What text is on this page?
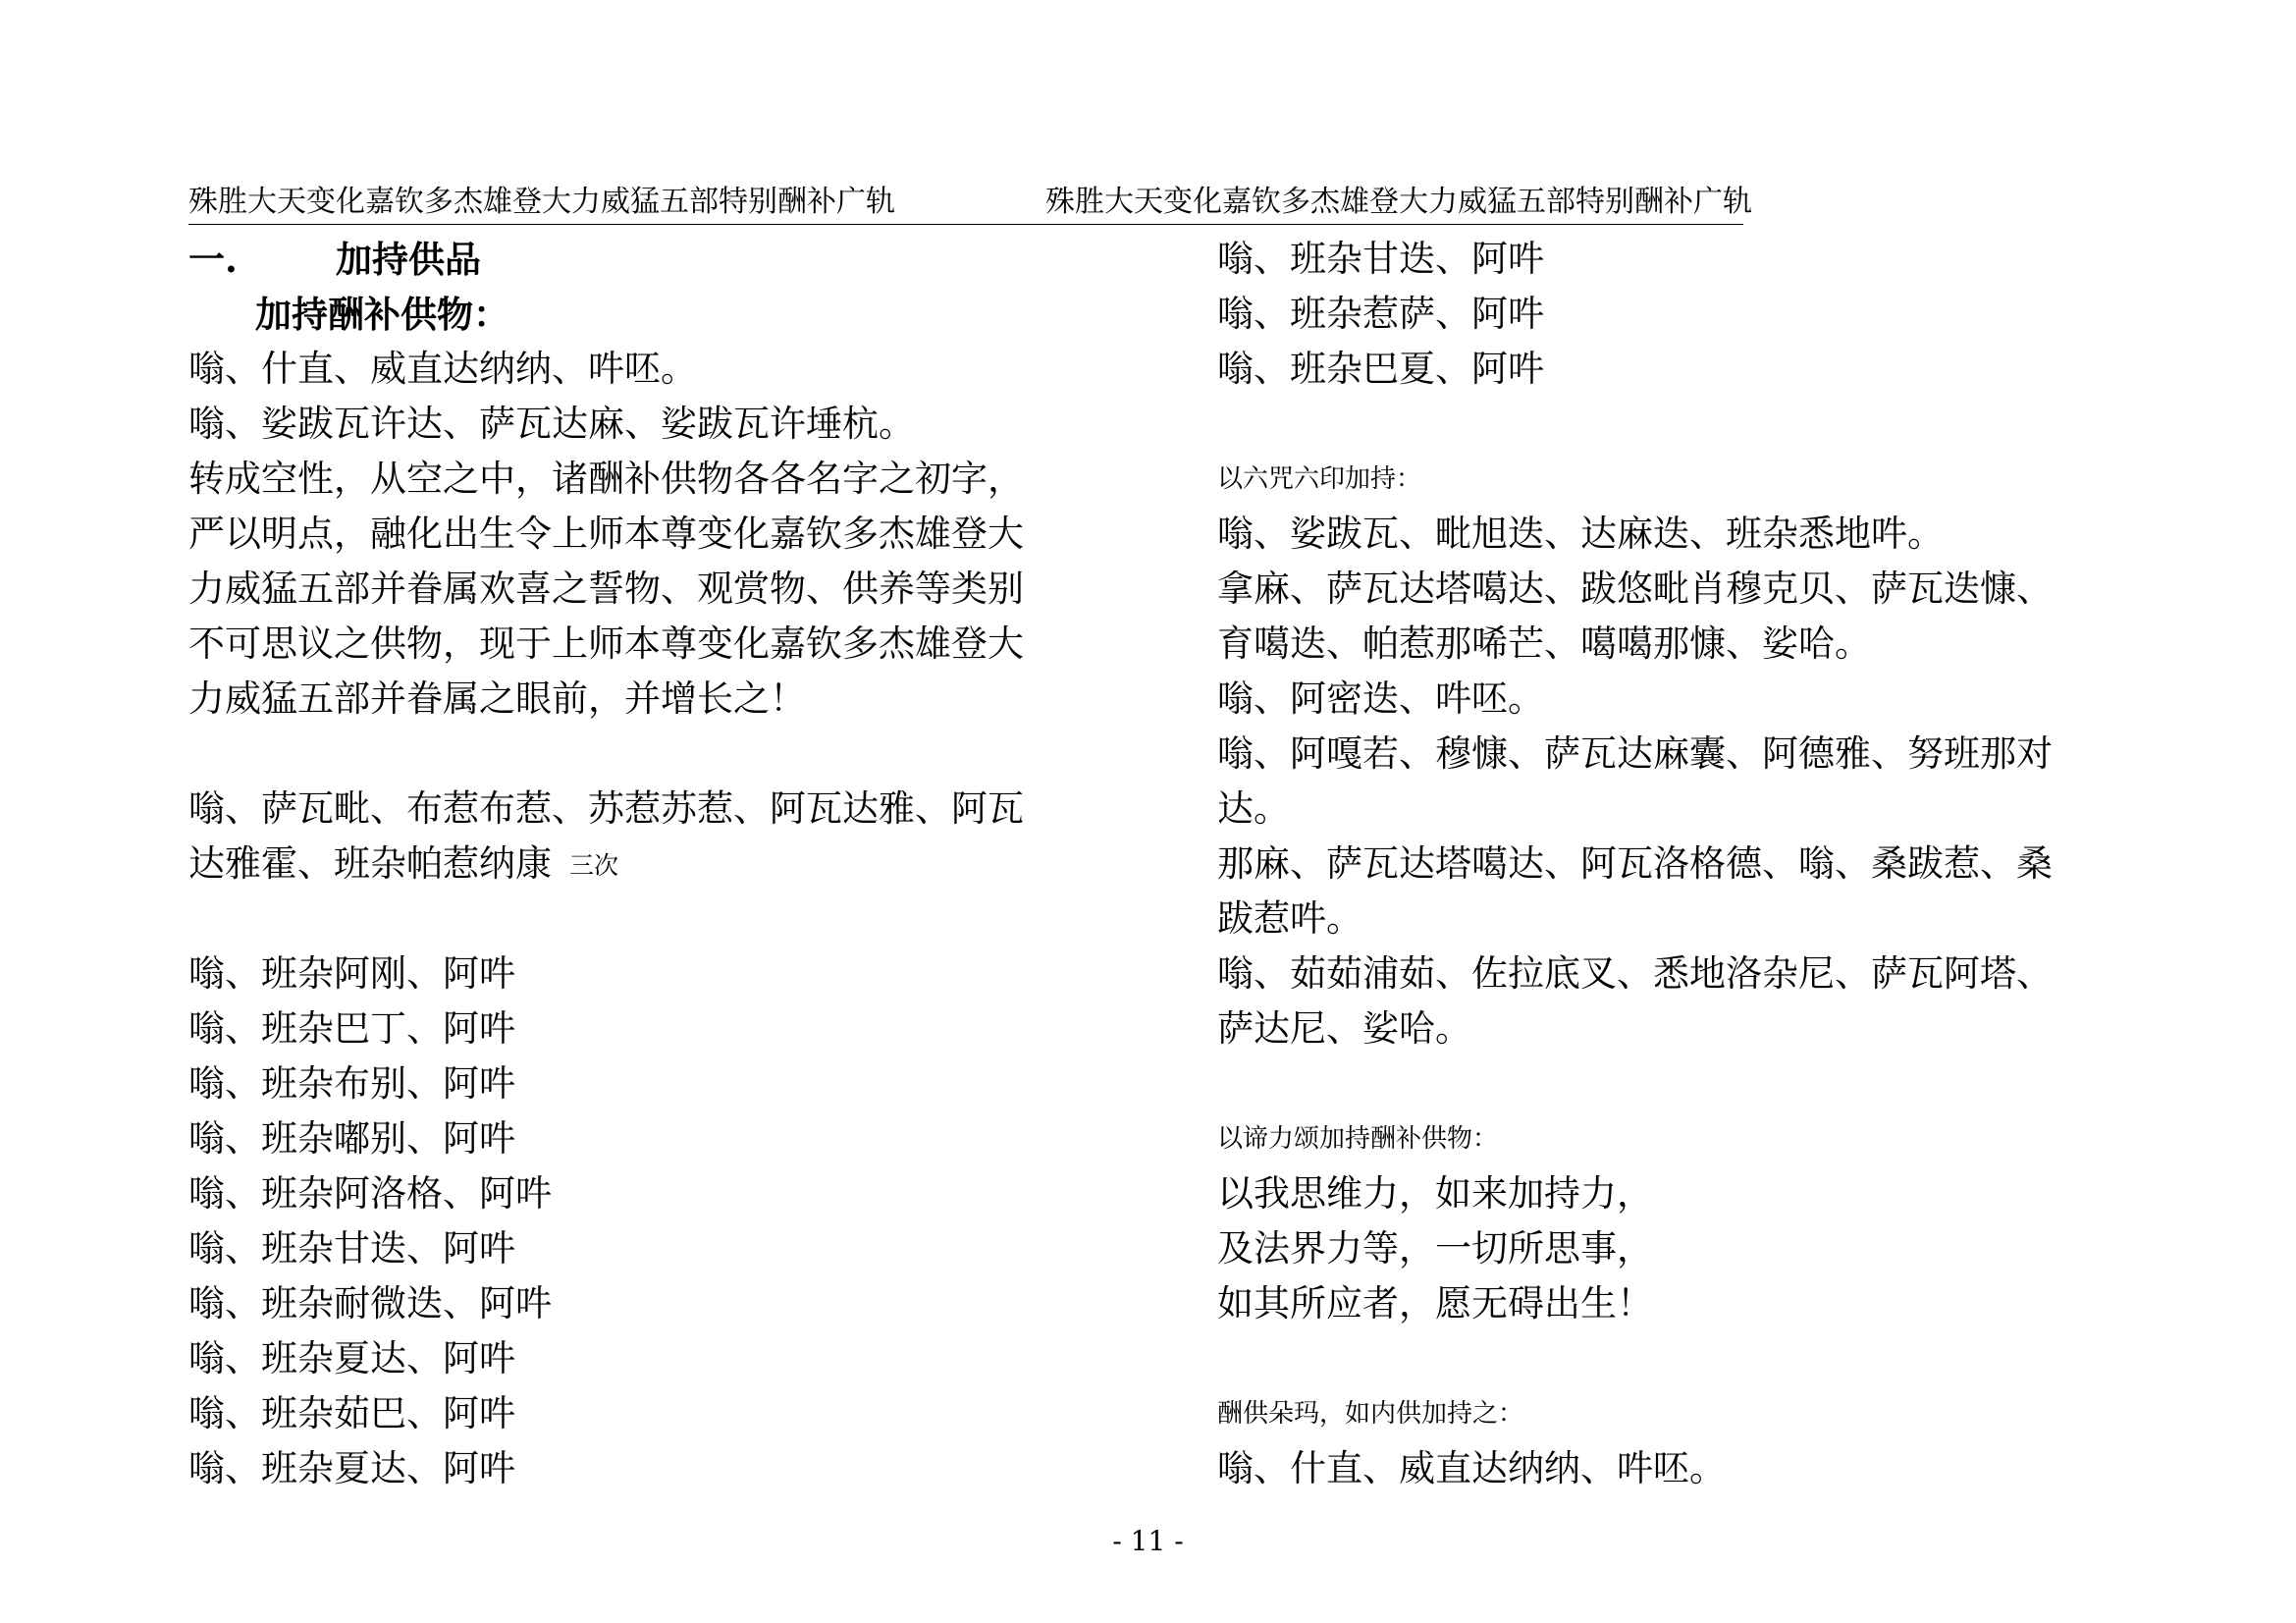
殊胜大天变化嘉钦多杰雄登大力威猛五部特别酬补广轨	殊胜大天变化嘉钦多杰雄登大力威猛五部特别酬补广轨
一.	加持供品
加持酬补供物：
嗡、什直、威直达纳纳、吽呸。
嗡、娑跋瓦许达、萨瓦达麻、娑跋瓦许埵杭。
转成空性，从空之中，诸酬补供物各各名字之初字，
严以明点，融化出生令上师本尊变化嘉钦多杰雄登大
力威猛五部并眷属欢喜之誓物、观赏物、供养等类别
不可思议之供物，现于上师本尊变化嘉钦多杰雄登大
力威猛五部并眷属之眼前，并增长之！
嗡、萨瓦毗、布惹布惹、苏惹苏惹、阿瓦达雅、阿瓦
达雅霍、班杂帕惹纳康 三次
嗡、班杂阿刚、阿吽
嗡、班杂巴丁、阿吽
嗡、班杂布别、阿吽
嗡、班杂嘟别、阿吽
嗡、班杂阿洛格、阿吽
嗡、班杂甘迭、阿吽
嗡、班杂耐微迭、阿吽
嗡、班杂夏达、阿吽
嗡、班杂茹巴、阿吽
嗡、班杂夏达、阿吽
嗡、班杂甘迭、阿吽
嗡、班杂惹萨、阿吽
嗡、班杂巴夏、阿吽
以六咒六印加持：
嗡、娑跋瓦、毗旭迭、达麻迭、班杂悉地吽。
拿麻、萨瓦达塔噶达、跋悠毗肖穆克贝、萨瓦迭慷、
育噶迭、帕惹那唏芒、噶噶那慷、娑哈。
嗡、阿密迭、吽呸。
嗡、阿嘎若、穆慷、萨瓦达麻囊、阿德雅、努班那对
达。
那麻、萨瓦达塔噶达、阿瓦洛格德、嗡、桑跋惹、桑
跋惹吽。
嗡、茹茹浦茹、佐拉底叉、悉地洛杂尼、萨瓦阿塔、
萨达尼、娑哈。
以谛力颂加持酬补供物：
以我思维力，如来加持力，
及法界力等，一切所思事，
如其所应者，愿无碍出生！
酬供朵玛，如内供加持之：
嗡、什直、威直达纳纳、吽呸。
- 11 -
